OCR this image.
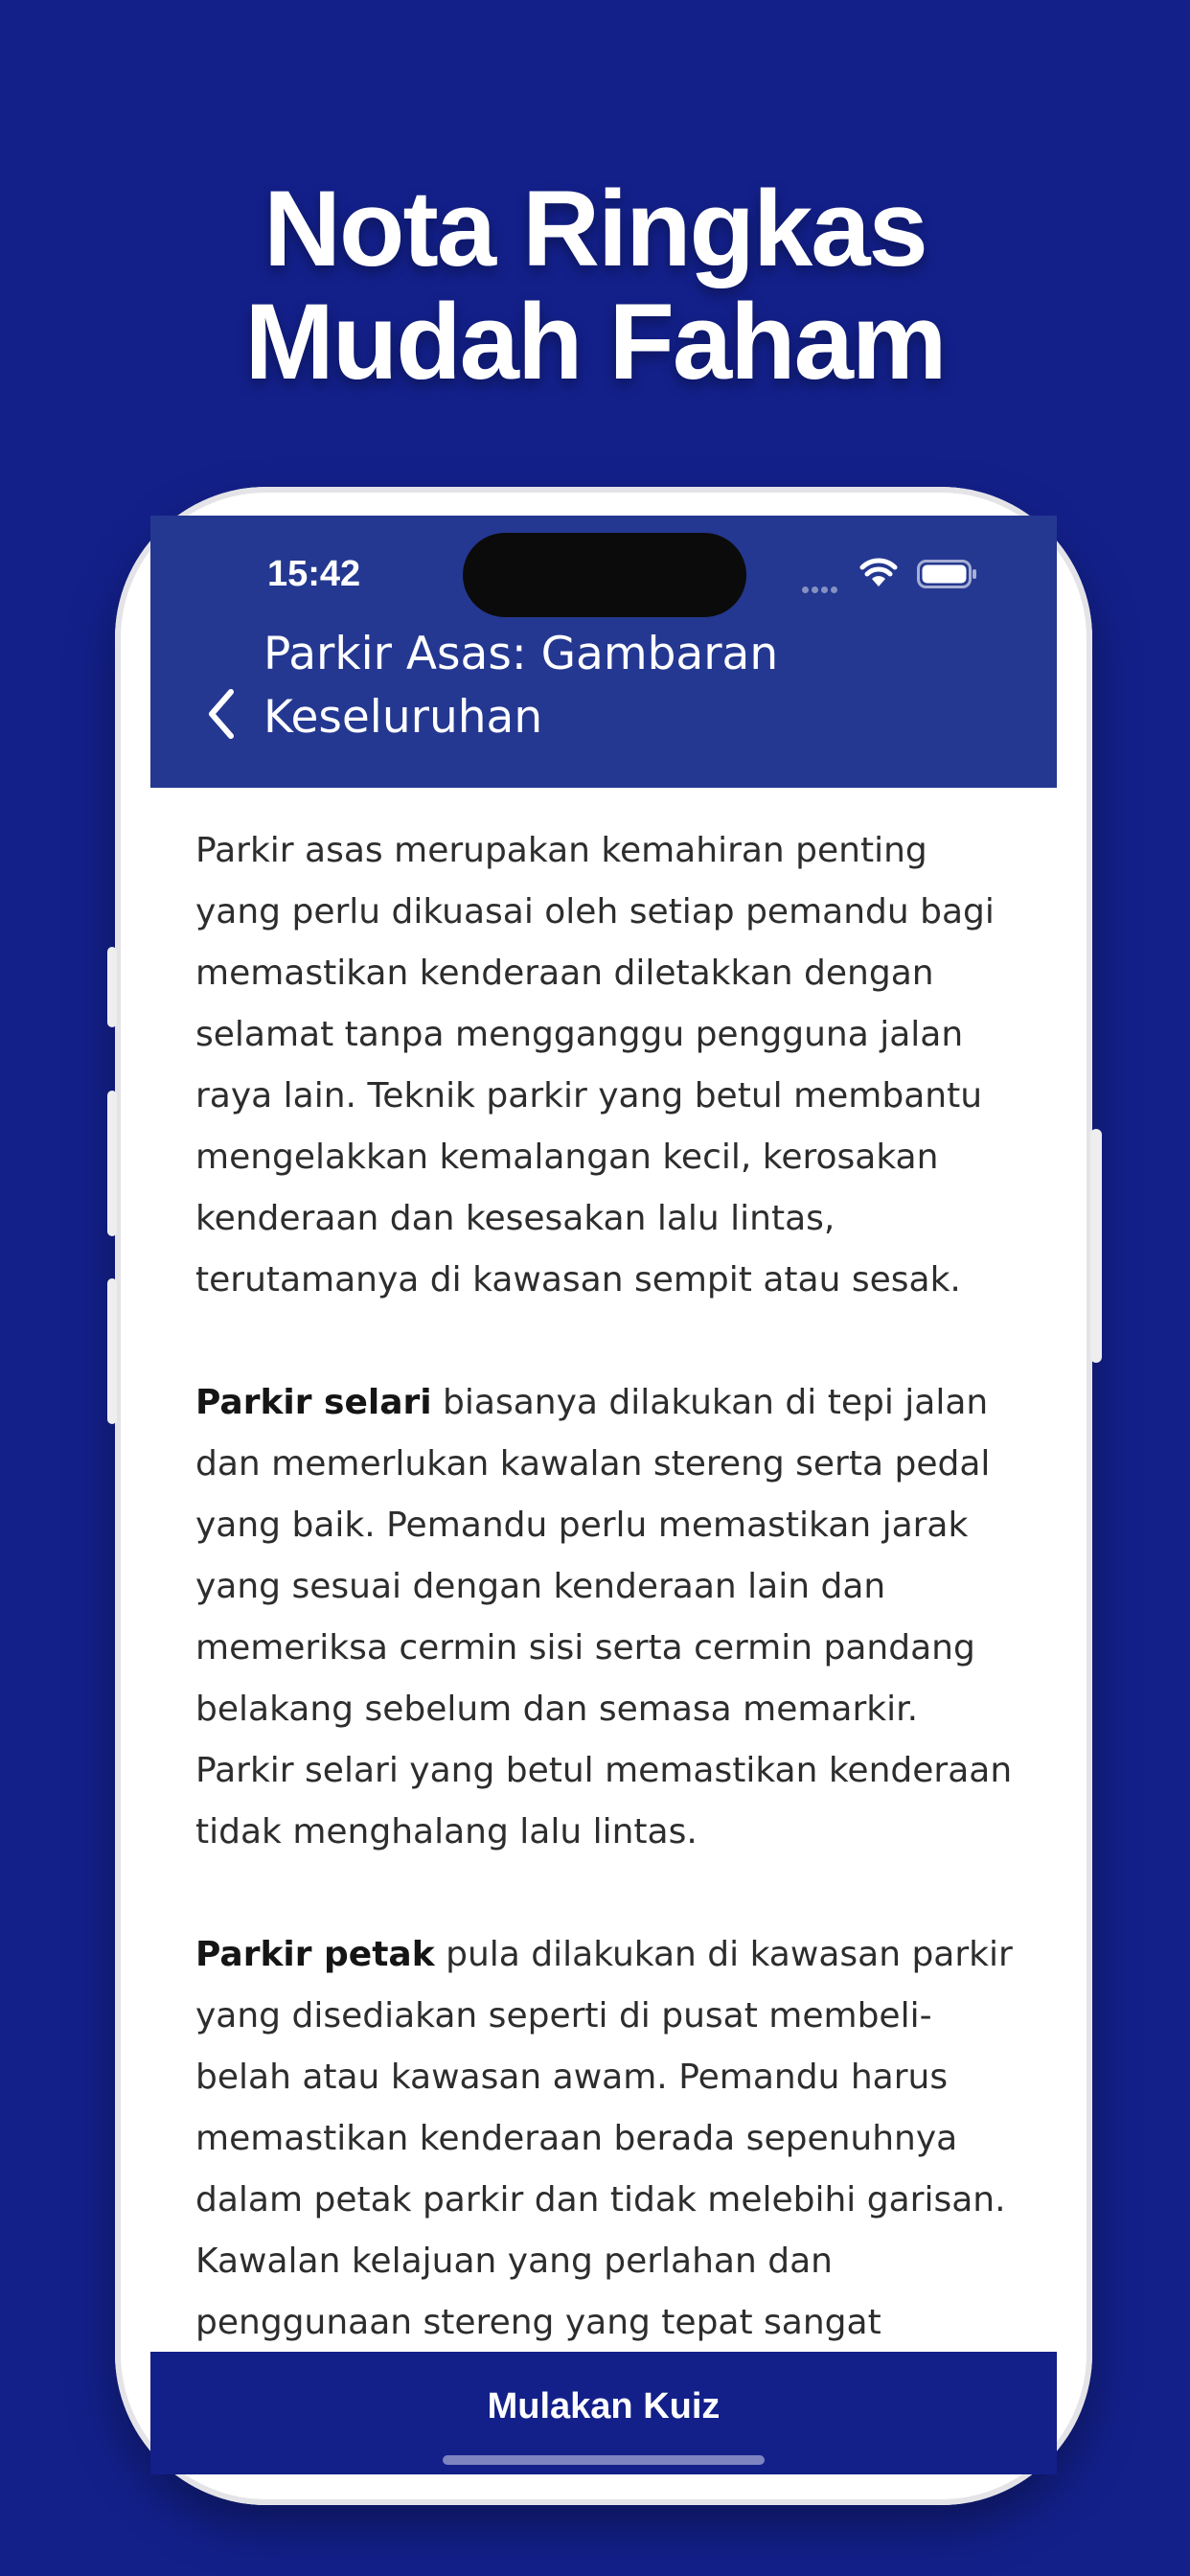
Nota Ringkas
Mudah Faham
15:42
Parkir Asas: Gambaran Keseluruhan

Parkir asas merupakan kemahiran penting yang perlu dikuasai oleh setiap pemandu bagi memastikan kenderaan diletakkan dengan selamat tanpa mengganggu pengguna jalan raya lain. Teknik parkir yang betul membantu mengelakkan kemalangan kecil, kerosakan kenderaan dan kesesakan lalu lintas, terutamanya di kawasan sempit atau sesak.

Parkir selari biasanya dilakukan di tepi jalan dan memerlukan kawalan stereng serta pedal yang baik. Pemandu perlu memastikan jarak yang sesuai dengan kenderaan lain dan memeriksa cermin sisi serta cermin pandang belakang sebelum dan semasa memarkir. Parkir selari yang betul memastikan kenderaan tidak menghalang lalu lintas.

Parkir petak pula dilakukan di kawasan parkir yang disediakan seperti di pusat membeli-belah atau kawasan awam. Pemandu harus memastikan kenderaan berada sepenuhnya dalam petak parkir dan tidak melebihi garisan. Kawalan kelajuan yang perlahan dan penggunaan stereng yang tepat sangat

Mulakan Kuiz
